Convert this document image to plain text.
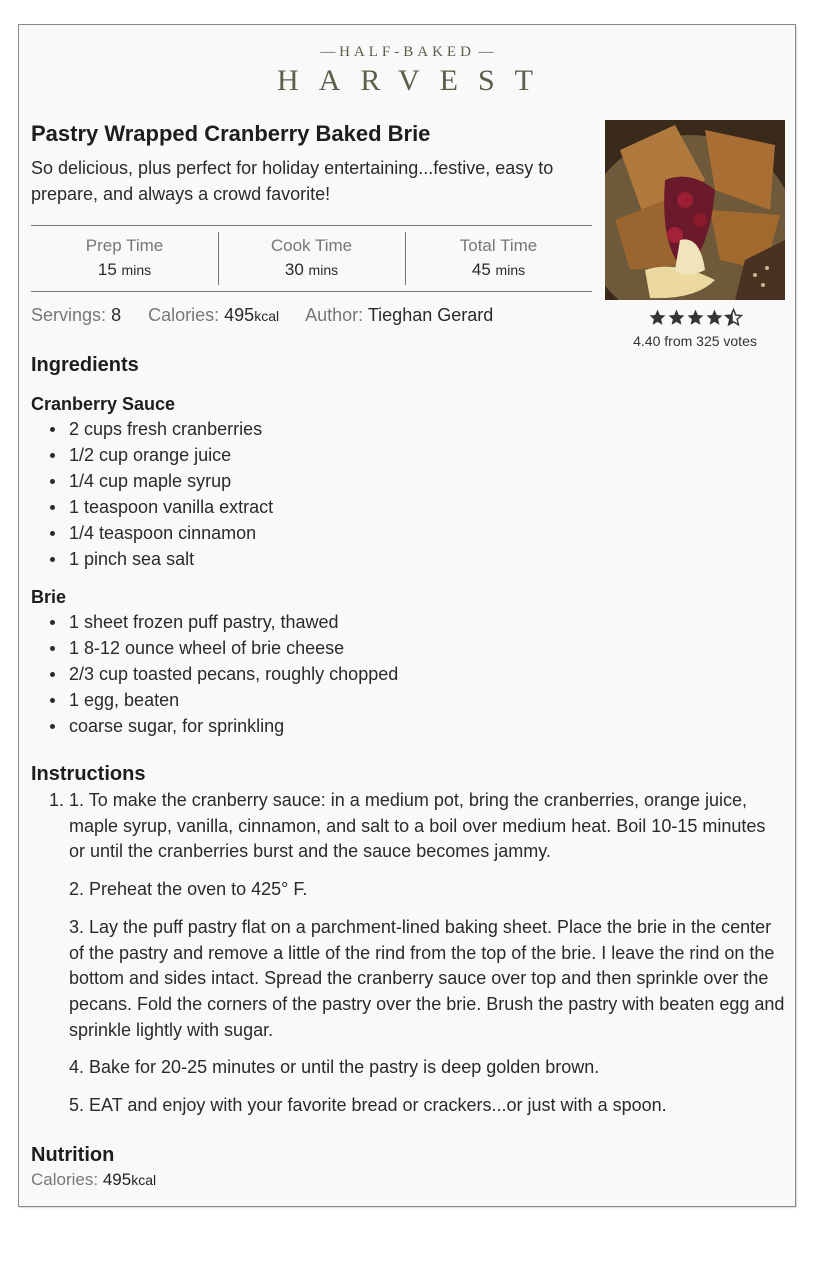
— HALF-BAKED —
HARVEST
Pastry Wrapped Cranberry Baked Brie
So delicious, plus perfect for holiday entertaining...festive, easy to prepare, and always a crowd favorite!
Prep Time
15 mins
Cook Time
30 mins
Total Time
45 mins
Servings: 8 Calories: 495kcal Author: Tieghan Gerard
4.40 from 325 votes
Ingredients
Cranberry Sauce
2 cups fresh cranberries
1/2 cup orange juice
1/4 cup maple syrup
1 teaspoon vanilla extract
1/4 teaspoon cinnamon
1 pinch sea salt
Brie
1 sheet frozen puff pastry, thawed
1 8-12 ounce wheel of brie cheese
2/3 cup toasted pecans, roughly chopped
1 egg, beaten
coarse sugar, for sprinkling
Instructions
1. 1. To make the cranberry sauce: in a medium pot, bring the cranberries, orange juice, maple syrup, vanilla, cinnamon, and salt to a boil over medium heat. Boil 10-15 minutes or until the cranberries burst and the sauce becomes jammy.
2. Preheat the oven to 425° F.
3. Lay the puff pastry flat on a parchment-lined baking sheet. Place the brie in the center of the pastry and remove a little of the rind from the top of the brie. I leave the rind on the bottom and sides intact. Spread the cranberry sauce over top and then sprinkle over the pecans. Fold the corners of the pastry over the brie. Brush the pastry with beaten egg and sprinkle lightly with sugar.
4. Bake for 20-25 minutes or until the pastry is deep golden brown.
5. EAT and enjoy with your favorite bread or crackers...or just with a spoon.
Nutrition
Calories: 495kcal
